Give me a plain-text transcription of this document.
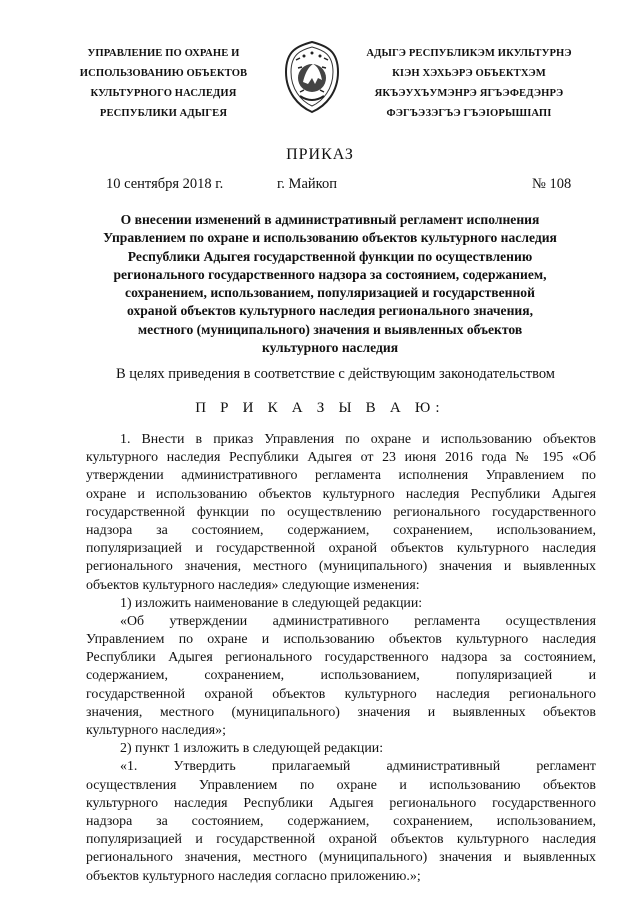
УПРАВЛЕНИЕ ПО ОХРАНЕ И
ИСПОЛЬЗОВАНИЮ ОБЪЕКТОВ
КУЛЬТУРНОГО НАСЛЕДИЯ
РЕСПУБЛИКИ АДЫГЕЯ
АДЫГЭ РЕСПУБЛИКЭМ ИКУЛЬТУРНЭ
КІЭН ХЭХЬЭРЭ ОБЪЕКТХЭМ
ЯКЪЭУХЪУМЭНРЭ ЯГЪЭФЕДЭНРЭ
ФЭГЪЭЗЭГЪЭ ГЪЭІОРЫШІАПІ
ПРИКАЗ
10 сентября 2018 г.	г. Майкоп	№ 108
О внесении изменений в административный регламент исполнения
Управлением по охране и использованию объектов культурного наследия
Республики Адыгея государственной функции по осуществлению
регионального государственного надзора за состоянием, содержанием,
сохранением, использованием, популяризацией и государственной
охраной объектов культурного наследия регионального значения,
местного (муниципального) значения и выявленных объектов
культурного наследия
В целях приведения в соответствие с действующим законодательством
П Р И К А З Ы В А Ю:
1. Внести в приказ Управления по охране и использованию объектов
культурного наследия Республики Адыгея от 23 июня 2016 года № 195 «Об
утверждении административного регламента исполнения Управлением по
охране и использованию объектов культурного наследия Республики Адыгея
государственной функции по осуществлению регионального государственного
надзора за состоянием, содержанием, сохранением, использованием,
популяризацией и государственной охраной объектов культурного наследия
регионального значения, местного (муниципального) значения и выявленных
объектов культурного наследия» следующие изменения:
1) изложить наименование в следующей редакции:
«Об утверждении административного регламента осуществления
Управлением по охране и использованию объектов культурного наследия
Республики Адыгея регионального государственного надзора за состоянием,
содержанием, сохранением, использованием, популяризацией и
государственной охраной объектов культурного наследия регионального
значения, местного (муниципального) значения и выявленных объектов
культурного наследия»;
2) пункт 1 изложить в следующей редакции:
«1. Утвердить прилагаемый административный регламент
осуществления Управлением по охране и использованию объектов
культурного наследия Республики Адыгея регионального государственного
надзора за состоянием, содержанием, сохранением, использованием,
популяризацией и государственной охраной объектов культурного наследия
регионального значения, местного (муниципального) значения и выявленных
объектов культурного наследия согласно приложению.»;
